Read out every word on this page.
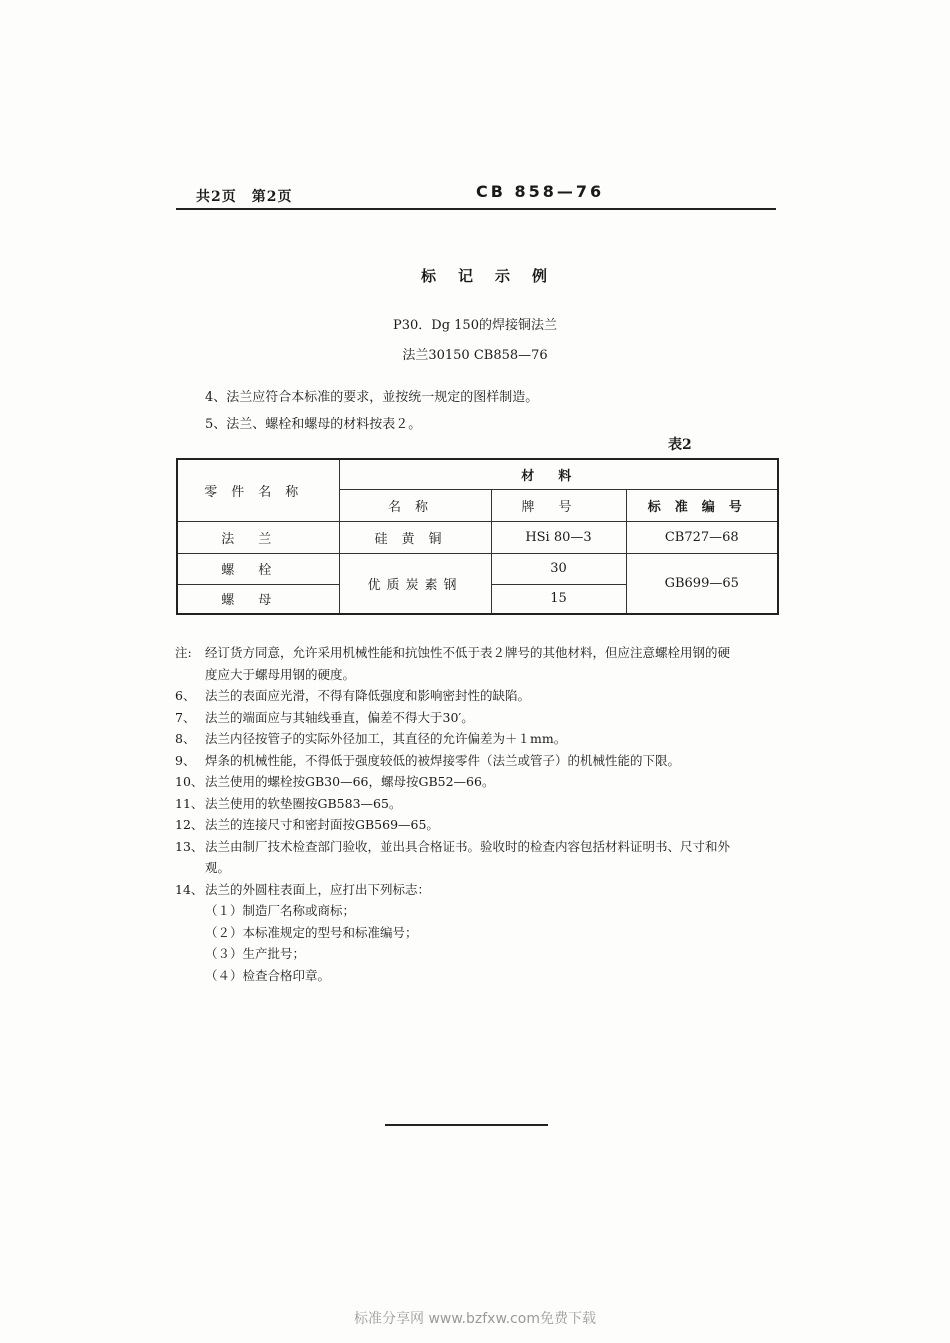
共2页　第2页	CB 858—76
标记示例
P30．Dg 150的焊接铜法兰
法兰30150 CB858—76
4、法兰应符合本标准的要求，並按统一规定的图样制造。
5、法兰、螺栓和螺母的材料按表２。
表2
零件名称	材料		
	名称	牌号	标准编号
法兰	硅黄铜	HSi 80—3	CB727—68
螺栓	优质炭素钢	30	GB699—65
螺母		15	
注:	经订货方同意，允许采用机械性能和抗蚀性不低于表２牌号的其他材料，但应注意螺栓用钢的硬
度应大于螺母用钢的硬度。
6、 法兰的表面应光滑，不得有降低强度和影响密封性的缺陷。
7、 法兰的端面应与其轴线垂直，偏差不得大于30′。
8、 法兰内径按管子的实际外径加工，其直径的允许偏差为＋１mm。
9、 焊条的机械性能，不得低于强度较低的被焊接零件（法兰或管子）的机械性能的下限。
10、 法兰使用的螺栓按GB30—66，螺母按GB52—66。
11、 法兰使用的软垫圈按GB583—65。
12、 法兰的连接尺寸和密封面按GB569—65。
13、 法兰由制厂技术检查部门验收，並出具合格证书。验收时的检查内容包括材料证明书、尺寸和外
观。
14、 法兰的外圆柱表面上，应打出下列标志：
（１）制造厂名称或商标；
（２）本标准规定的型号和标准编号；
（３）生产批号；
（４）检查合格印章。
标准分享网 www.bzfxw.com免费下载
